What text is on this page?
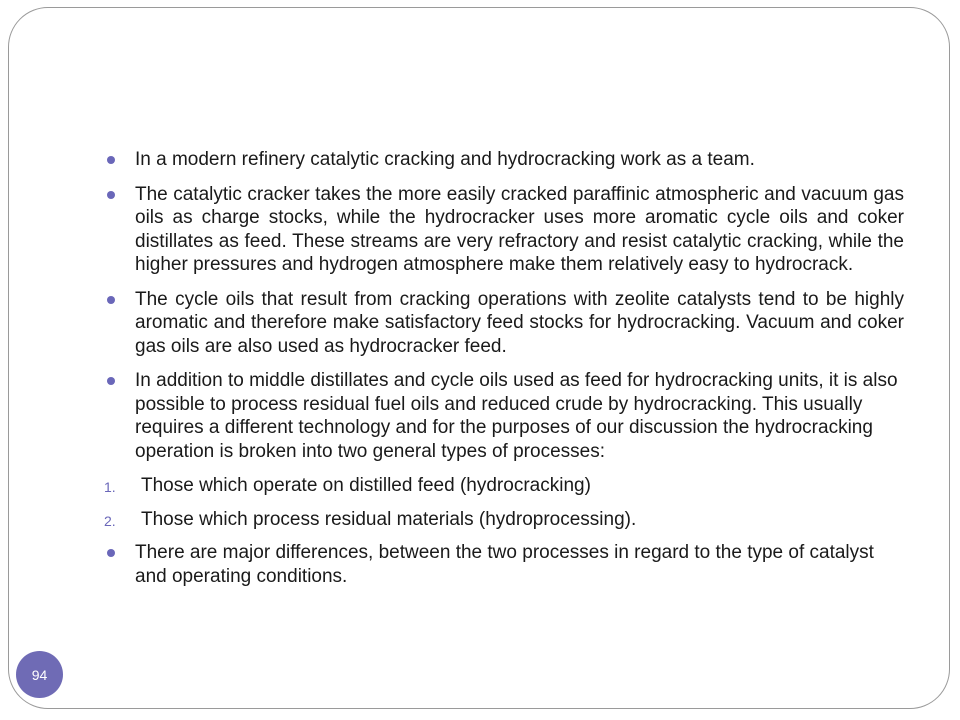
In a modern refinery catalytic cracking and hydrocracking work as a team.
The catalytic cracker takes the more easily cracked paraffinic atmospheric and vacuum gas oils as charge stocks, while the hydrocracker uses more aromatic cycle oils and coker distillates as feed. These streams are very refractory and resist catalytic cracking, while the higher pressures and hydrogen atmosphere make them relatively easy to hydrocrack.
The cycle oils that result from cracking operations with zeolite catalysts tend to be highly aromatic and therefore make satisfactory feed stocks for hydrocracking. Vacuum and coker gas oils are also used as hydrocracker feed.
In addition to middle distillates and cycle oils used as feed for hydrocracking units, it is also possible to process residual fuel oils and reduced crude by hydrocracking. This usually requires a different technology and for the purposes of our discussion the hydrocracking operation is broken into two general types of processes:
1. Those which operate on distilled feed (hydrocracking)
2. Those which process residual materials (hydroprocessing).
There are major differences, between the two processes in regard to the type of catalyst and operating conditions.
94
